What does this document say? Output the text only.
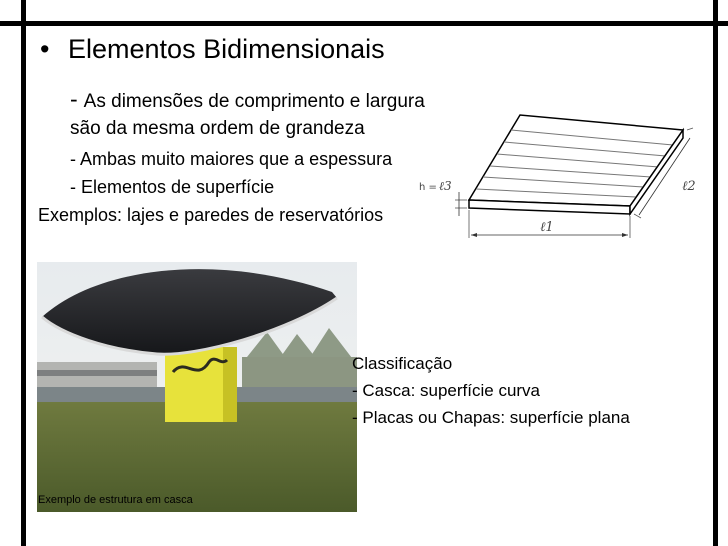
• Elementos Bidimensionais
- As dimensões de comprimento e largura
são da mesma ordem de grandeza
- Ambas muito maiores que a espessura
- Elementos de superfície
Exemplos: lajes e paredes de reservatórios
ℓ2
ℓ1
h = ℓ3
Exemplo de estrutura em casca
Classificação
- Casca: superfície curva
- Placas ou Chapas: superfície plana
